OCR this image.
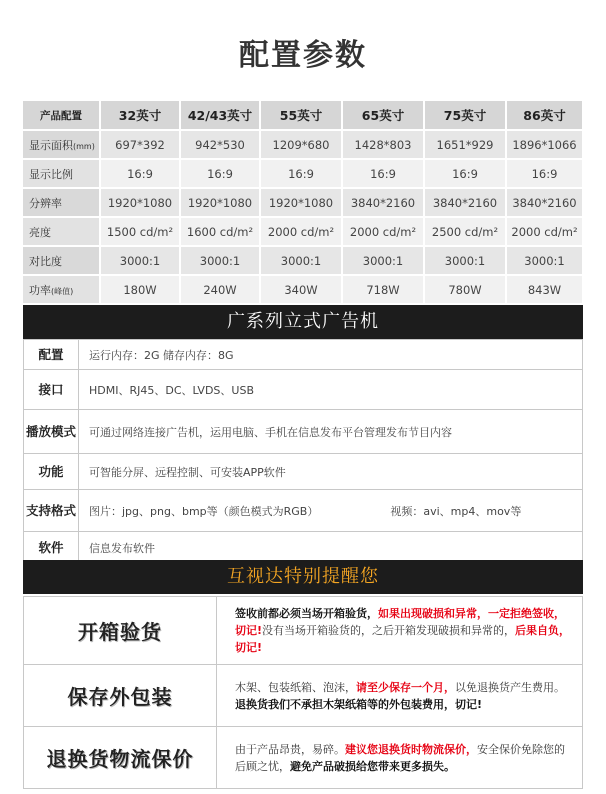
配置参数
产品配置	32英寸	42/43英寸	55英寸	65英寸	75英寸	86英寸
显示面积(mm)	697*392	942*530	1209*680	1428*803	1651*929	1896*1066
显示比例	16:9	16:9	16:9	16:9	16:9	16:9
分辨率	1920*1080	1920*1080	1920*1080	3840*2160	3840*2160	3840*2160
亮度	1500 cd/m²	1600 cd/m²	2000 cd/m²	2000 cd/m²	2500 cd/m²	2000 cd/m²
对比度	3000:1	3000:1	3000:1	3000:1	3000:1	3000:1
功率(峰值)	180W	240W	340W	718W	780W	843W
广系列立式广告机
配置	运行内存：2G 储存内存：8G
接口	HDMI、RJ45、DC、LVDS、USB
播放模式	可通过网络连接广告机，运用电脑、手机在信息发布平台管理发布节目内容
功能	可智能分屏、远程控制、可安装APP软件
支持格式	图片：jpg、png、bmp等（颜色模式为RGB） 视频：avi、mp4、mov等
软件	信息发布软件
互视达特别提醒您
开箱验货	签收前都必须当场开箱验货，如果出现破损和异常，一定拒绝签收，切记!没有当场开箱验货的，之后开箱发现破损和异常的，后果自负，切记!
保存外包装	木架、包装纸箱、泡沫，请至少保存一个月，以免退换货产生费用。退换货我们不承担木架纸箱等的外包装费用，切记!
退换货物流保价	由于产品昂贵，易碎。建议您退换货时物流保价，安全保价免除您的后顾之忧，避免产品破损给您带来更多损失。
